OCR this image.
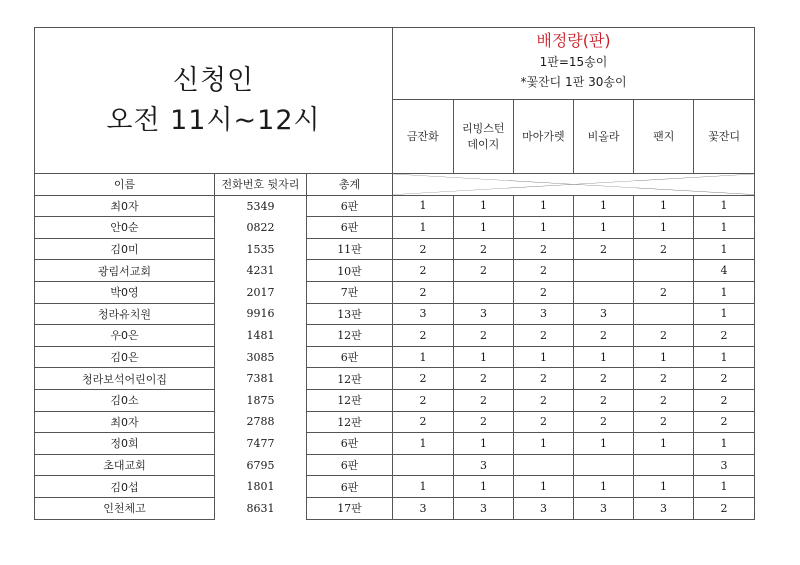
신청인
오전 11시~12시

배정량(판)
1판=15송이
*꽃잔디 1판 30송이
금잔화	리빙스턴
데이지	마아가렛	비올라	팬지	꽃잔디

이름	전화번호 뒷자리	총계	

최0자	5349	6판	1	1	1	1	1	1
안0순	0822	6판	1	1	1	1	1	1
김0미	1535	11판	2	2	2	2	2	1
광림서교회	4231	10판	2	2	2			4
박0영	2017	7판	2		2		2	1
청라유치원	9916	13판	3	3	3	3		1
우0은	1481	12판	2	2	2	2	2	2
김0은	3085	6판	1	1	1	1	1	1
청라보석어린이집	7381	12판	2	2	2	2	2	2
김0소	1875	12판	2	2	2	2	2	2
최0자	2788	12판	2	2	2	2	2	2
정0희	7477	6판	1	1	1	1	1	1
초대교회	6795	6판		3				3
김0섭	1801	6판	1	1	1	1	1	1
인천체고	8631	17판	3	3	3	3	3	2
